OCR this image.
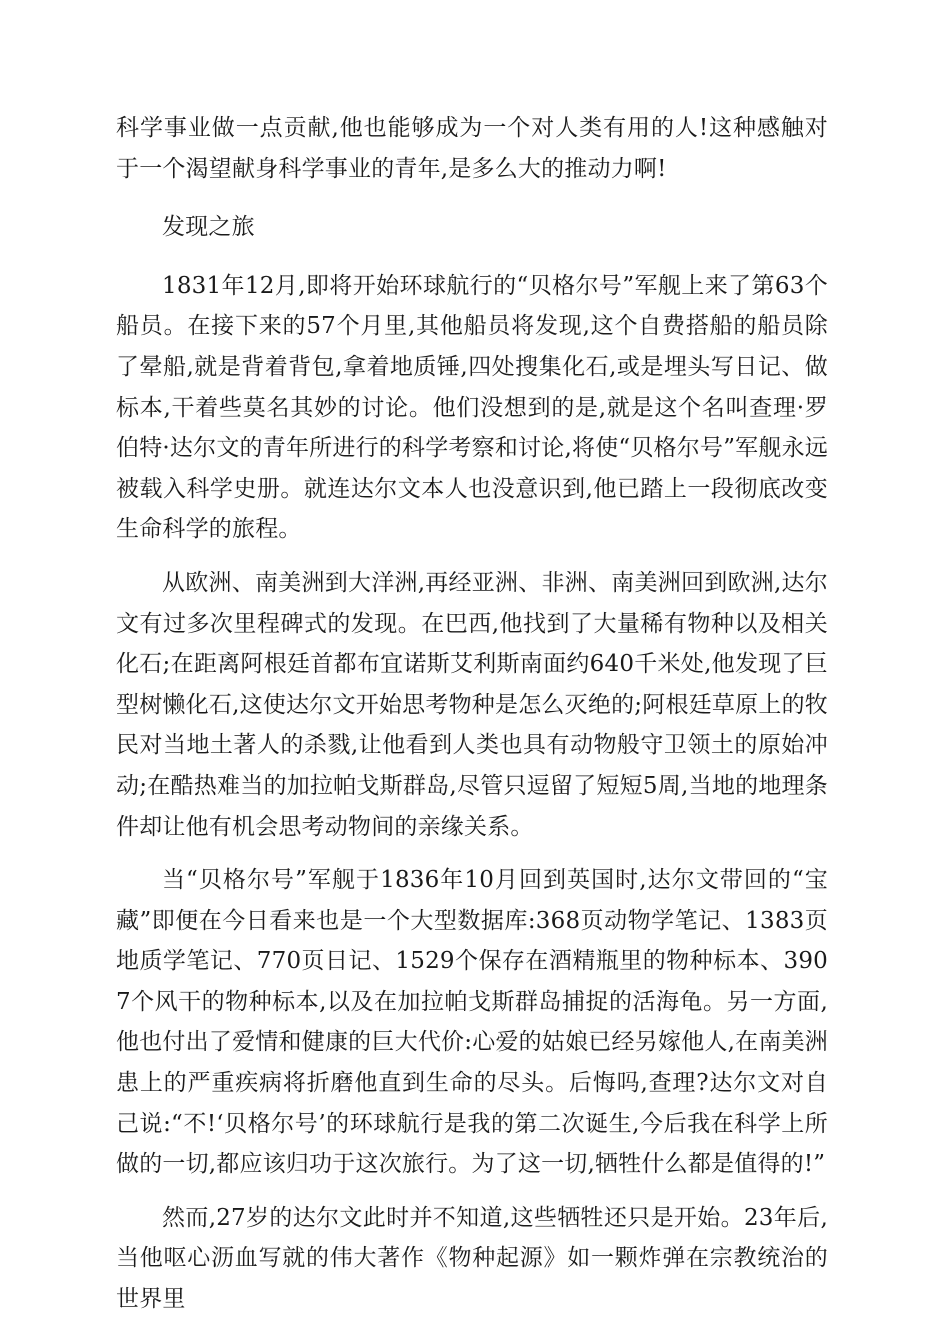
科学事业做一点贡献,他也能够成为一个对人类有用的人!这种感触对于一个渴望献身科学事业的青年,是多么大的推动力啊!

发现之旅

1831年12月,即将开始环球航行的“贝格尔号”军舰上来了第63个船员。在接下来的57个月里,其他船员将发现,这个自费搭船的船员除了晕船,就是背着背包,拿着地质锤,四处搜集化石,或是埋头写日记、做标本,干着些莫名其妙的讨论。他们没想到的是,就是这个名叫查理·罗伯特·达尔文的青年所进行的科学考察和讨论,将使“贝格尔号”军舰永远被载入科学史册。就连达尔文本人也没意识到,他已踏上一段彻底改变生命科学的旅程。

从欧洲、南美洲到大洋洲,再经亚洲、非洲、南美洲回到欧洲,达尔文有过多次里程碑式的发现。在巴西,他找到了大量稀有物种以及相关化石;在距离阿根廷首都布宜诺斯艾利斯南面约640千米处,他发现了巨型树懒化石,这使达尔文开始思考物种是怎么灭绝的;阿根廷草原上的牧民对当地土著人的杀戮,让他看到人类也具有动物般守卫领土的原始冲动;在酷热难当的加拉帕戈斯群岛,尽管只逗留了短短5周,当地的地理条件却让他有机会思考动物间的亲缘关系。

当“贝格尔号”军舰于1836年10月回到英国时,达尔文带回的“宝藏”即便在今日看来也是一个大型数据库:368页动物学笔记、1383页地质学笔记、770页日记、1529个保存在酒精瓶里的物种标本、3907个风干的物种标本,以及在加拉帕戈斯群岛捕捉的活海龟。另一方面,他也付出了爱情和健康的巨大代价:心爱的姑娘已经另嫁他人,在南美洲患上的严重疾病将折磨他直到生命的尽头。后悔吗,查理?达尔文对自己说:“不!‘贝格尔号’的环球航行是我的第二次诞生,今后我在科学上所做的一切,都应该归功于这次旅行。为了这一切,牺牲什么都是值得的!”

然而,27岁的达尔文此时并不知道,这些牺牲还只是开始。23年后,当他呕心沥血写就的伟大著作《物种起源》如一颗炸弹在宗教统治的世界里
